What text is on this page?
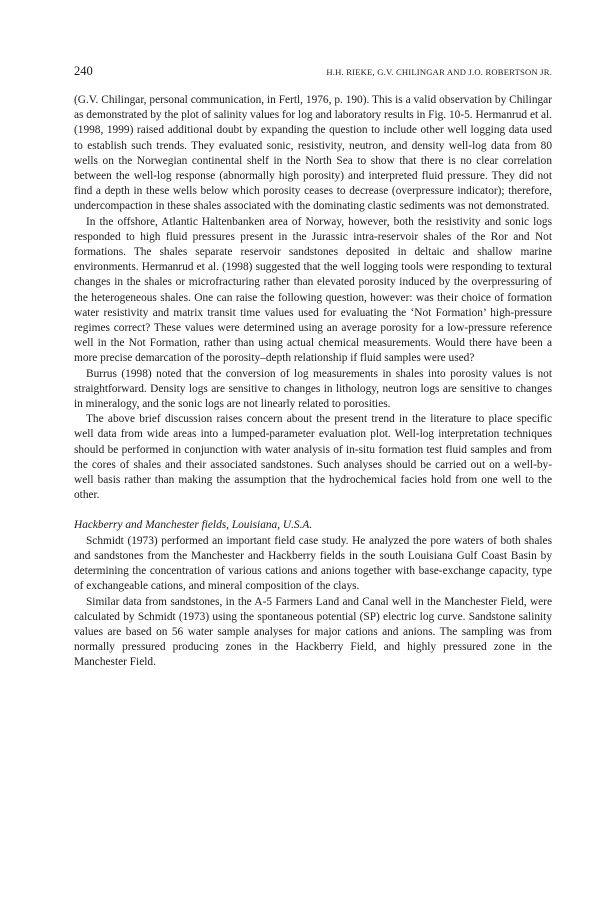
240	H.H. RIEKE, G.V. CHILINGAR AND J.O. ROBERTSON JR.

(G.V. Chilingar, personal communication, in Fertl, 1976, p. 190). This is a valid observation by Chilingar as demonstrated by the plot of salinity values for log and laboratory results in Fig. 10-5. Hermanrud et al. (1998, 1999) raised additional doubt by expanding the question to include other well logging data used to establish such trends. They evaluated sonic, resistivity, neutron, and density well-log data from 80 wells on the Norwegian continental shelf in the North Sea to show that there is no clear correlation between the well-log response (abnormally high porosity) and interpreted fluid pressure. They did not find a depth in these wells below which porosity ceases to decrease (overpressure indicator); therefore, undercompaction in these shales associated with the dominating clastic sediments was not demonstrated.

In the offshore, Atlantic Haltenbanken area of Norway, however, both the resistivity and sonic logs responded to high fluid pressures present in the Jurassic intra-reservoir shales of the Ror and Not formations. The shales separate reservoir sandstones deposited in deltaic and shallow marine environments. Hermanrud et al. (1998) suggested that the well logging tools were responding to textural changes in the shales or microfracturing rather than elevated porosity induced by the overpressuring of the heterogeneous shales. One can raise the following question, however: was their choice of formation water resistivity and matrix transit time values used for evaluating the ‘Not Formation’ high-pressure regimes correct? These values were determined using an average porosity for a low-pressure reference well in the Not Formation, rather than using actual chemical measurements. Would there have been a more precise demarcation of the porosity–depth relationship if fluid samples were used?

Burrus (1998) noted that the conversion of log measurements in shales into porosity values is not straightforward. Density logs are sensitive to changes in lithology, neutron logs are sensitive to changes in mineralogy, and the sonic logs are not linearly related to porosities.

The above brief discussion raises concern about the present trend in the literature to place specific well data from wide areas into a lumped-parameter evaluation plot. Well-log interpretation techniques should be performed in conjunction with water analysis of in-situ formation test fluid samples and from the cores of shales and their associated sandstones. Such analyses should be carried out on a well-by-well basis rather than making the assumption that the hydrochemical facies hold from one well to the other.

Hackberry and Manchester fields, Louisiana, U.S.A.

Schmidt (1973) performed an important field case study. He analyzed the pore waters of both shales and sandstones from the Manchester and Hackberry fields in the south Louisiana Gulf Coast Basin by determining the concentration of various cations and anions together with base-exchange capacity, type of exchangeable cations, and mineral composition of the clays.

Similar data from sandstones, in the A-5 Farmers Land and Canal well in the Manchester Field, were calculated by Schmidt (1973) using the spontaneous potential (SP) electric log curve. Sandstone salinity values are based on 56 water sample analyses for major cations and anions. The sampling was from normally pressured producing zones in the Hackberry Field, and highly pressured zone in the Manchester Field.
